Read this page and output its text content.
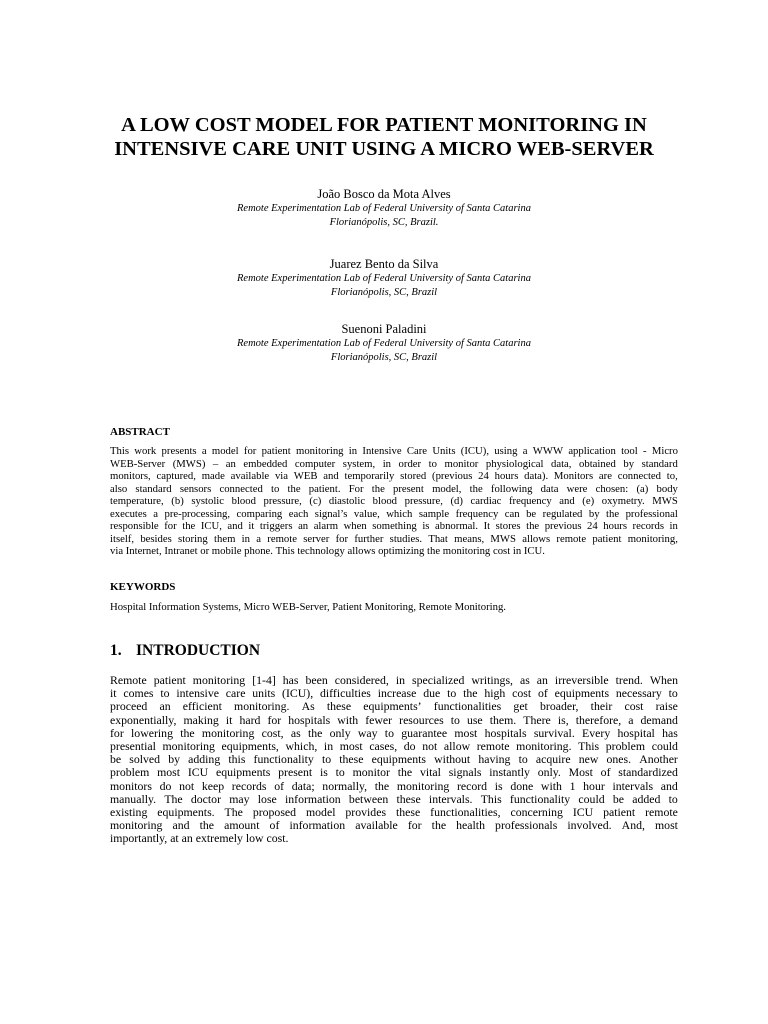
A LOW COST MODEL FOR PATIENT MONITORING IN
INTENSIVE CARE UNIT USING A MICRO WEB-SERVER
João Bosco da Mota Alves
Remote Experimentation Lab of Federal University of Santa Catarina
Florianópolis, SC, Brazil.
Juarez Bento da Silva
Remote Experimentation Lab of Federal University of Santa Catarina
Florianópolis, SC, Brazil
Suenoni Paladini
Remote Experimentation Lab of Federal University of Santa Catarina
Florianópolis, SC, Brazil
ABSTRACT
This work presents a model for patient monitoring in Intensive Care Units (ICU), using a WWW application tool - Micro
WEB-Server (MWS) – an embedded computer system, in order to monitor physiological data, obtained by standard
monitors, captured, made available via WEB and temporarily stored (previous 24 hours data). Monitors are connected to,
also standard sensors connected to the patient. For the present model, the following data were chosen: (a) body
temperature, (b) systolic blood pressure, (c) diastolic blood pressure, (d) cardiac frequency and (e) oxymetry. MWS
executes a pre-processing, comparing each signal’s value, which sample frequency can be regulated by the professional
responsible for the ICU, and it triggers an alarm when something is abnormal. It stores the previous 24 hours records in
itself, besides storing them in a remote server for further studies. That means, MWS allows remote patient monitoring,
via Internet, Intranet or mobile phone. This technology allows optimizing the monitoring cost in ICU.
KEYWORDS
Hospital Information Systems, Micro WEB-Server, Patient Monitoring, Remote Monitoring.
1. INTRODUCTION
Remote patient monitoring [1-4] has been considered, in specialized writings, as an irreversible trend. When
it comes to intensive care units (ICU), difficulties increase due to the high cost of equipments necessary to
proceed an efficient monitoring. As these equipments’ functionalities get broader, their cost raise
exponentially, making it hard for hospitals with fewer resources to use them. There is, therefore, a demand
for lowering the monitoring cost, as the only way to guarantee most hospitals survival. Every hospital has
presential monitoring equipments, which, in most cases, do not allow remote monitoring. This problem could
be solved by adding this functionality to these equipments without having to acquire new ones. Another
problem most ICU equipments present is to monitor the vital signals instantly only. Most of standardized
monitors do not keep records of data; normally, the monitoring record is done with 1 hour intervals and
manually. The doctor may lose information between these intervals. This functionality could be added to
existing equipments. The proposed model provides these functionalities, concerning ICU patient remote
monitoring and the amount of information available for the health professionals involved. And, most
importantly, at an extremely low cost.
